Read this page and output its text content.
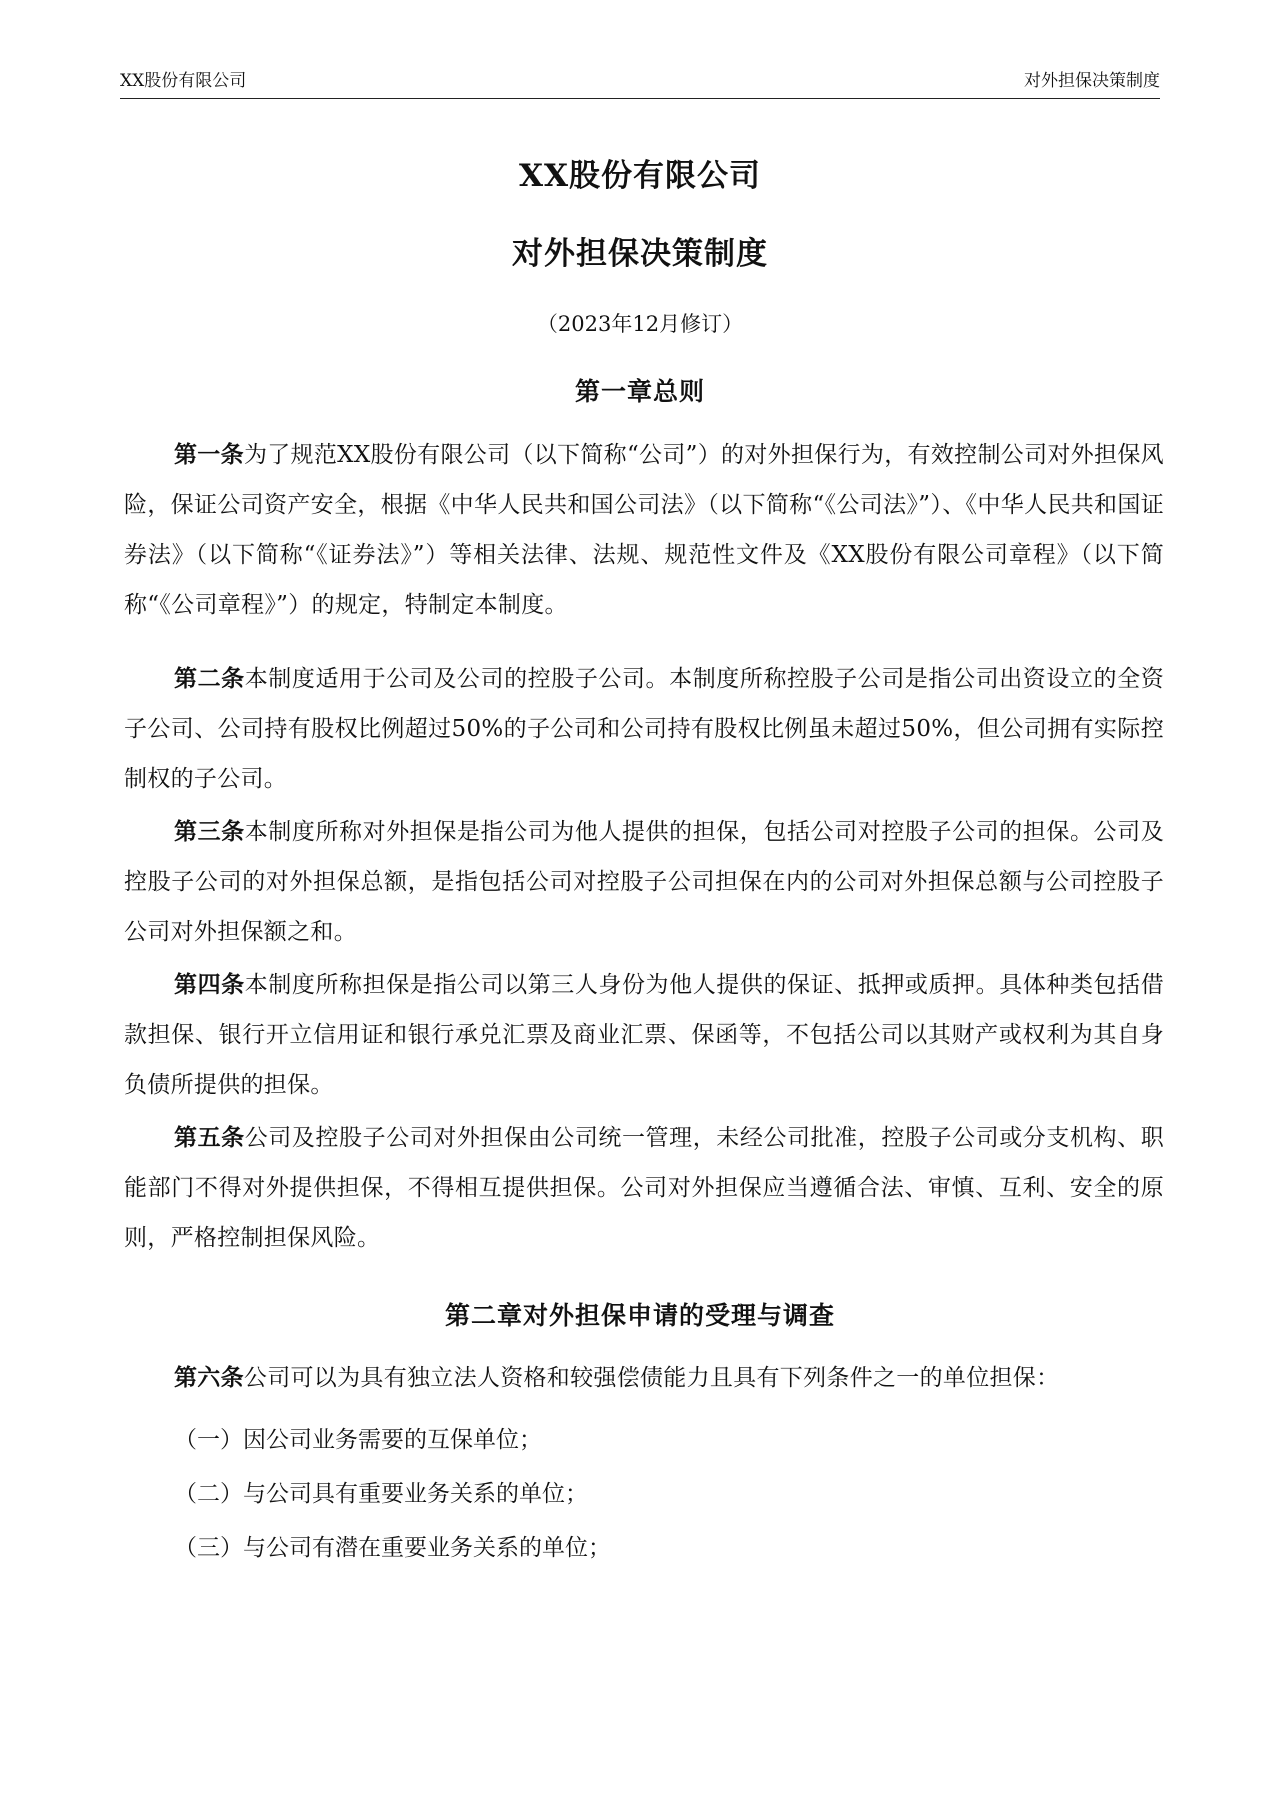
XX股份有限公司	对外担保决策制度
XX股份有限公司
对外担保决策制度
（2023年12月修订）
第一章总则
第一条为了规范XX股份有限公司（以下简称“公司”）的对外担保行为，有效控制公司对外担保风险，保证公司资产安全，根据《中华人民共和国公司法》（以下简称“《公司法》”）、《中华人民共和国证券法》（以下简称“《证券法》”）等相关法律、法规、规范性文件及《XX股份有限公司章程》（以下简称“《公司章程》”）的规定，特制定本制度。
第二条本制度适用于公司及公司的控股子公司。本制度所称控股子公司是指公司出资设立的全资子公司、公司持有股权比例超过50%的子公司和公司持有股权比例虽未超过50%，但公司拥有实际控制权的子公司。
第三条本制度所称对外担保是指公司为他人提供的担保，包括公司对控股子公司的担保。公司及控股子公司的对外担保总额，是指包括公司对控股子公司担保在内的公司对外担保总额与公司控股子公司对外担保额之和。
第四条本制度所称担保是指公司以第三人身份为他人提供的保证、抵押或质押。具体种类包括借款担保、银行开立信用证和银行承兑汇票及商业汇票、保函等，不包括公司以其财产或权利为其自身负债所提供的担保。
第五条公司及控股子公司对外担保由公司统一管理，未经公司批准，控股子公司或分支机构、职能部门不得对外提供担保，不得相互提供担保。公司对外担保应当遵循合法、审慎、互利、安全的原则，严格控制担保风险。
第二章对外担保申请的受理与调查
第六条公司可以为具有独立法人资格和较强偿债能力且具有下列条件之一的单位担保：
（一）因公司业务需要的互保单位；
（二）与公司具有重要业务关系的单位；
（三）与公司有潜在重要业务关系的单位；
